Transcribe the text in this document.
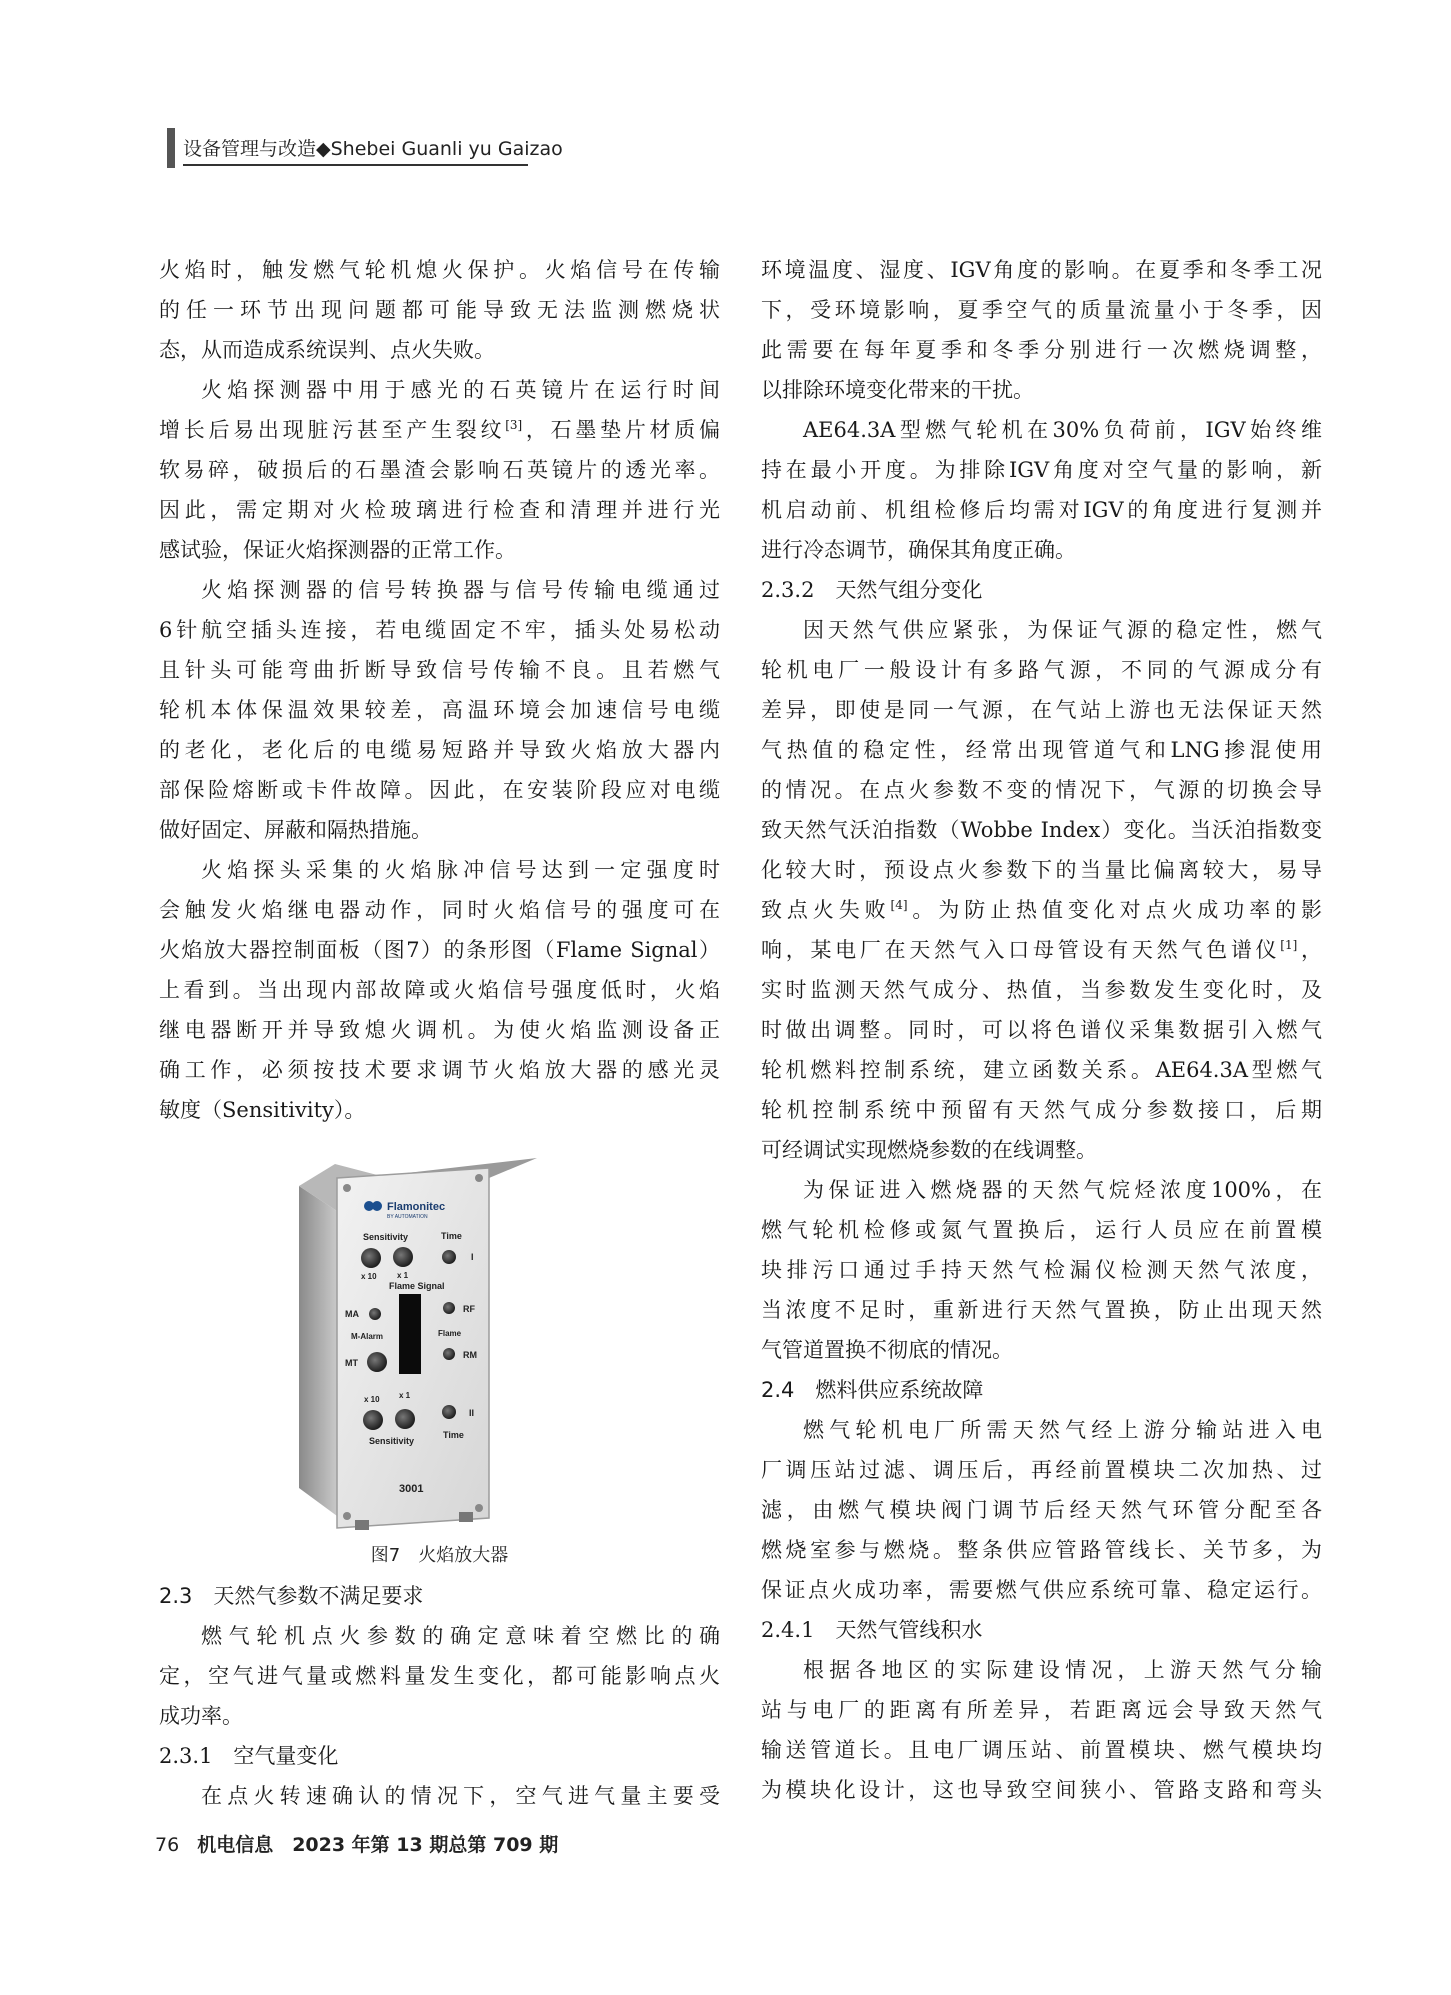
设备管理与改造◆Shebei Guanli yu Gaizao
火焰时，触发燃气轮机熄火保护。火焰信号在传输
的任一环节出现问题都可能导致无法监测燃烧状
态，从而造成系统误判、点火失败。
火焰探测器中用于感光的石英镜片在运行时间
增长后易出现脏污甚至产生裂纹[3]，石墨垫片材质偏
软易碎，破损后的石墨渣会影响石英镜片的透光率。
因此，需定期对火检玻璃进行检查和清理并进行光
感试验，保证火焰探测器的正常工作。
火焰探测器的信号转换器与信号传输电缆通过
6针航空插头连接，若电缆固定不牢，插头处易松动
且针头可能弯曲折断导致信号传输不良。且若燃气
轮机本体保温效果较差，高温环境会加速信号电缆
的老化，老化后的电缆易短路并导致火焰放大器内
部保险熔断或卡件故障。因此，在安装阶段应对电缆
做好固定、屏蔽和隔热措施。
火焰探头采集的火焰脉冲信号达到一定强度时
会触发火焰继电器动作，同时火焰信号的强度可在
火焰放大器控制面板（图7）的条形图（Flame Signal）
上看到。当出现内部故障或火焰信号强度低时，火焰
继电器断开并导致熄火调机。为使火焰监测设备正
确工作，必须按技术要求调节火焰放大器的感光灵
敏度（Sensitivity）。
Flamonitec
BY AUTOMATION
Sensitivity	Time
I
x 10	x 1
Flame Signal
MA	RF
M-Alarm	Flame
MT
RM
x 10 x 1
II
Sensitivity
Time
3001
图7　火焰放大器
2.3　天然气参数不满足要求
燃气轮机点火参数的确定意味着空燃比的确
定，空气进气量或燃料量发生变化，都可能影响点火
成功率。
2.3.1　空气量变化
在点火转速确认的情况下，空气进气量主要受
环境温度、湿度、IGV角度的影响。在夏季和冬季工况
下，受环境影响，夏季空气的质量流量小于冬季，因
此需要在每年夏季和冬季分别进行一次燃烧调整，
以排除环境变化带来的干扰。
AE64.3A型燃气轮机在30%负荷前，IGV始终维
持在最小开度。为排除IGV角度对空气量的影响，新
机启动前、机组检修后均需对IGV的角度进行复测并
进行冷态调节，确保其角度正确。
2.3.2　天然气组分变化
因天然气供应紧张，为保证气源的稳定性，燃气
轮机电厂一般设计有多路气源，不同的气源成分有
差异，即使是同一气源，在气站上游也无法保证天然
气热值的稳定性，经常出现管道气和LNG掺混使用
的情况。在点火参数不变的情况下，气源的切换会导
致天然气沃泊指数（Wobbe Index）变化。当沃泊指数变
化较大时，预设点火参数下的当量比偏离较大，易导
致点火失败[4]。为防止热值变化对点火成功率的影
响，某电厂在天然气入口母管设有天然气色谱仪[1]，
实时监测天然气成分、热值，当参数发生变化时，及
时做出调整。同时，可以将色谱仪采集数据引入燃气
轮机燃料控制系统，建立函数关系。AE64.3A型燃气
轮机控制系统中预留有天然气成分参数接口，后期
可经调试实现燃烧参数的在线调整。
为保证进入燃烧器的天然气烷烃浓度100%，在
燃气轮机检修或氮气置换后，运行人员应在前置模
块排污口通过手持天然气检漏仪检测天然气浓度，
当浓度不足时，重新进行天然气置换，防止出现天然
气管道置换不彻底的情况。
2.4　燃料供应系统故障
燃气轮机电厂所需天然气经上游分输站进入电
厂调压站过滤、调压后，再经前置模块二次加热、过
滤，由燃气模块阀门调节后经天然气环管分配至各
燃烧室参与燃烧。整条供应管路管线长、关节多，为
保证点火成功率，需要燃气供应系统可靠、稳定运行。
2.4.1　天然气管线积水
根据各地区的实际建设情况，上游天然气分输
站与电厂的距离有所差异，若距离远会导致天然气
输送管道长。且电厂调压站、前置模块、燃气模块均
为模块化设计，这也导致空间狭小、管路支路和弯头
76 机电信息　2023 年第 13 期总第 709 期
